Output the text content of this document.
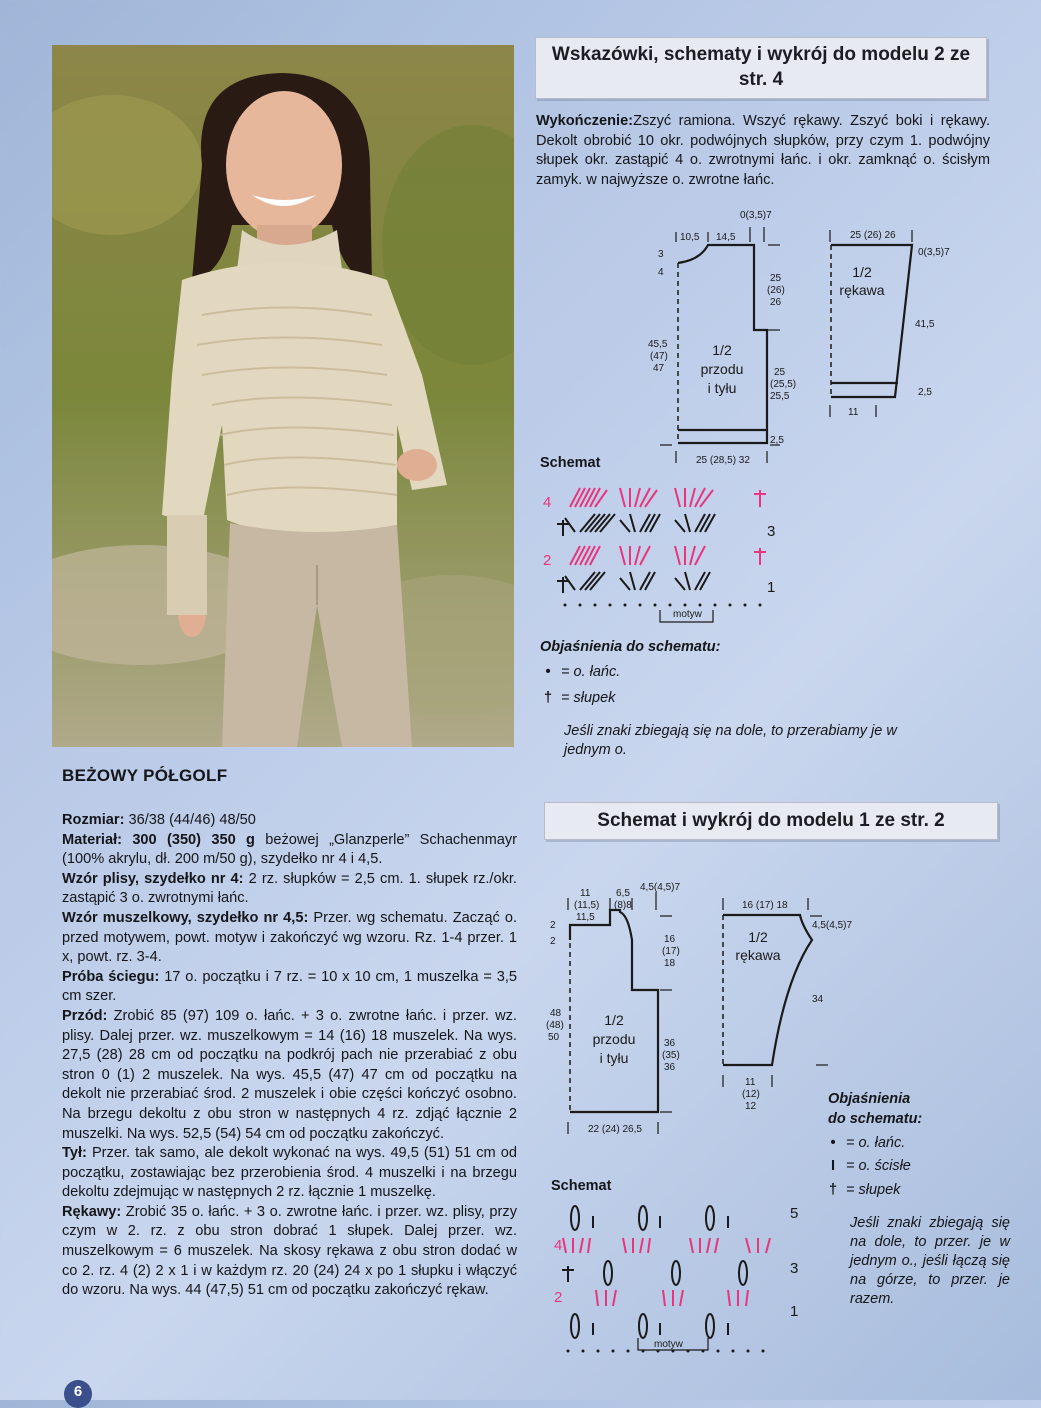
Wskazówki, schematy i wykrój do modelu 2 ze str. 4
Wykończenie:Zszyć ramiona. Wszyć rękawy. Zszyć boki i rękawy. Dekolt obrobić 10 okr. podwójnych słupków, przy czym 1. podwójny słupek okr. zastąpić 4 o. zwrotnymi łańc. i okr. zamknąć o. ścisłym zamyk. w najwyższe o. zwrotne łańc.
0(3,5)7
10,5 14,5
3
4
25
(26)
26
45,5
(47)
47	25
(25,5)
25,5
2,5
25 (28,5) 32
25 (26) 26
0(3,5)7
41,5
2,5
11
1/2 przodu i tyłu
1/2 rękawa
Schemat
motyw
4
3
2
1
Objaśnienia do schematu:
• = o. łańc.
† = słupek
Jeśli znaki zbiegają się na dole, to przerabiamy je w jednym o.
Schemat i wykrój do modelu 1 ze str. 2
11
(11,5)
11,5
6,5
(8)8
4,5(4,5)7
2
2	16
(17)
18
48
(48)
50
36
(35)
36
22 (24) 26,5
16 (17) 18
4,5(4,5)7
34
11
(12)
12
1/2 przodu i tyłu
1/2 rękawa
Schemat
motyw
5
4
3
2
1
Objaśnienia
do schematu:
• = o. łańc.
I = o. ścisłe
† = słupek
Jeśli znaki zbiegają się na dole, to przer. je w jednym o., jeśli łączą się na górze, to przer. je razem.
BEŻOWY PÓŁGOLF
Rozmiar: 36/38 (44/46) 48/50
Materiał: 300 (350) 350 g beżowej „Glanzperle” Schachenmayr (100% akrylu, dł. 200 m/50 g), szydełko nr 4 i 4,5.
Wzór plisy, szydełko nr 4: 2 rz. słupków = 2,5 cm. 1. słupek rz./okr. zastąpić 3 o. zwrotnymi łańc.
Wzór muszelkowy, szydełko nr 4,5: Przer. wg schematu. Zacząć o. przed motywem, powt. motyw i zakończyć wg wzoru. Rz. 1-4 przer. 1 x, powt. rz. 3-4.
Próba ściegu: 17 o. początku i 7 rz. = 10 x 10 cm, 1 muszelka = 3,5 cm szer.
Przód: Zrobić 85 (97) 109 o. łańc. + 3 o. zwrotne łańc. i przer. wz. plisy. Dalej przer. wz. muszelkowym = 14 (16) 18 muszelek. Na wys. 27,5 (28) 28 cm od początku na podkrój pach nie przerabiać z obu stron 0 (1) 2 muszelek. Na wys. 45,5 (47) 47 cm od początku na dekolt nie przerabiać środ. 2 muszelek i obie części kończyć osobno. Na brzegu dekoltu z obu stron w następnych 4 rz. zdjąć łącznie 2 muszelki. Na wys. 52,5 (54) 54 cm od początku zakończyć.
Tył: Przer. tak samo, ale dekolt wykonać na wys. 49,5 (51) 51 cm od początku, zostawiając bez przerobienia środ. 4 muszelki i na brzegu dekoltu zdejmując w następnych 2 rz. łącznie 1 muszelkę.
Rękawy: Zrobić 35 o. łańc. + 3 o. zwrotne łańc. i przer. wz. plisy, przy czym w 2. rz. z obu stron dobrać 1 słupek. Dalej przer. wz. muszelkowym = 6 muszelek. Na skosy rękawa z obu stron dodać w co 2. rz. 4 (2) 2 x 1 i w każdym rz. 20 (24) 24 x po 1 słupku i włączyć do wzoru. Na wys. 44 (47,5) 51 cm od początku zakończyć rękaw.
6
